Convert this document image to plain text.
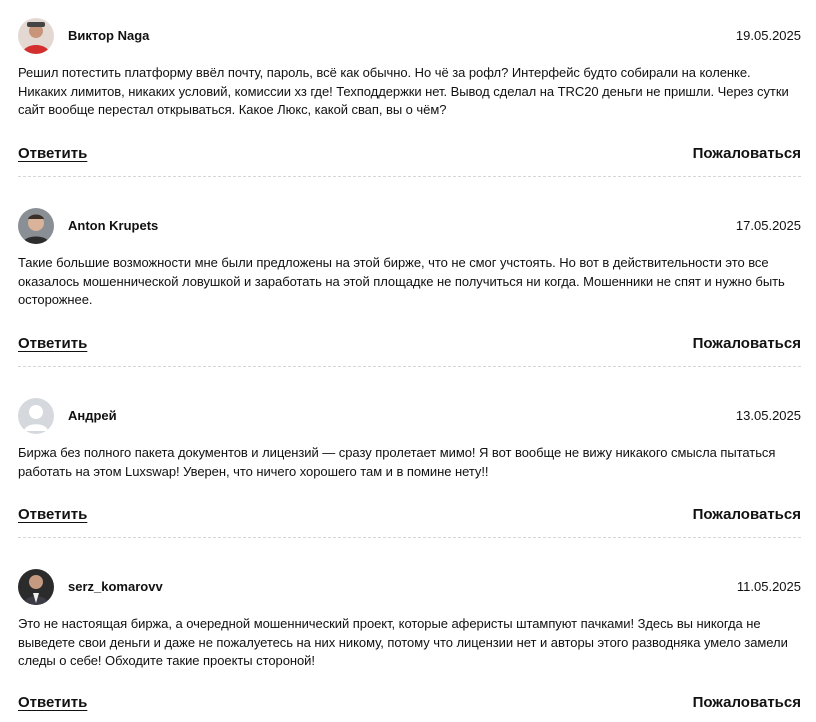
Виктор Naga	19.05.2025
Решил потестить платформу ввёл почту, пароль, всё как обычно. Но чё за рофл? Интерфейс будто собирали на коленке. Никаких лимитов, никаких условий, комиссии хз где! Техподдержки нет. Вывод сделал на TRC20 деньги не пришли. Через сутки сайт вообще перестал открываться. Какое Люкс, какой свап, вы о чём?
Ответить	Пожаловаться
Anton Krupets	17.05.2025
Такие большие возможности мне были предложены на этой бирже, что не смог учстоять. Но вот в действительности это все оказалось мошеннической ловушкой и заработать на этой площадке не получиться ни когда. Мошенники не спят и нужно быть осторожнее.
Ответить	Пожаловаться
Андрей	13.05.2025
Биржа без полного пакета документов и лицензий — сразу пролетает мимо! Я вот вообще не вижу никакого смысла пытаться работать на этом Luxswap! Уверен, что ничего хорошего там и в помине нету!!
Ответить	Пожаловаться
serz_komarovv	11.05.2025
Это не настоящая биржа, а очередной мошеннический проект, которые аферисты штампуют пачками! Здесь вы никогда не выведете свои деньги и даже не пожалуетесь на них никому, потому что лицензии нет и авторы этого разводняка умело замели следы о себе! Обходите такие проекты стороной!
Ответить	Пожаловаться
